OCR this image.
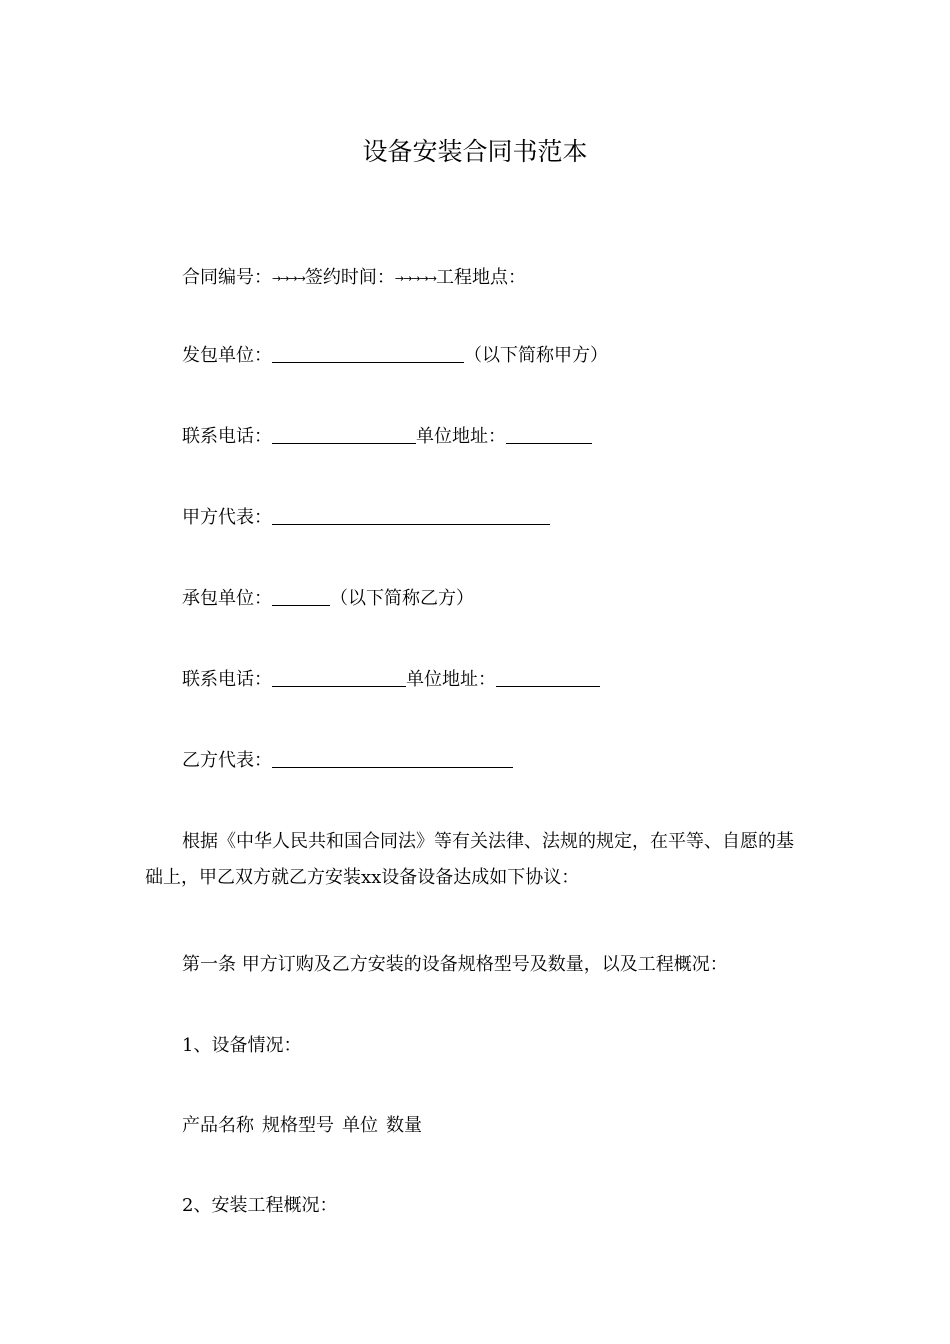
设备安装合同书范本
合同编号：→→→→签约时间：→→→→→工程地点：
发包单位：	（以下简称甲方）
联系电话：	单位地址：
甲方代表：
承包单位：	（以下简称乙方）
联系电话：	单位地址：
乙方代表：
根据《中华人民共和国合同法》等有关法律、法规的规定，在平等、自愿的基础上，甲乙双方就乙方安装xx设备设备达成如下协议：
第一条 甲方订购及乙方安装的设备规格型号及数量，以及工程概况：
1、设备情况：
产品名称 规格型号 单位 数量
2、安装工程概况：
